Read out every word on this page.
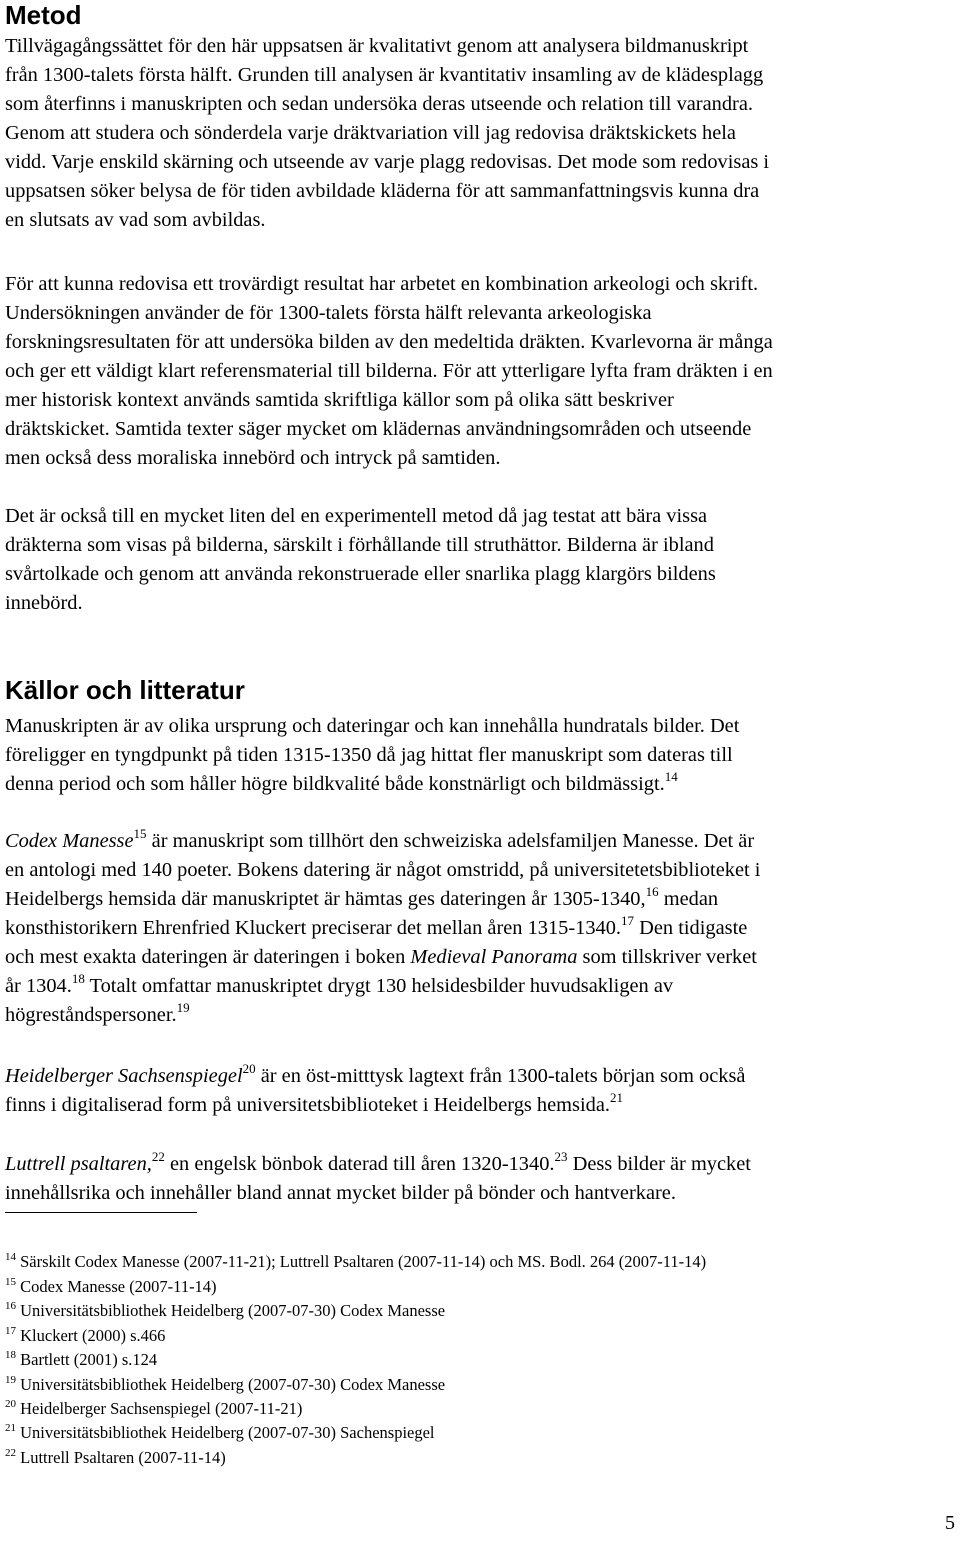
Metod
Tillvägagångssättet för den här uppsatsen är kvalitativt genom att analysera bildmanuskript
från 1300-talets första hälft. Grunden till analysen är kvantitativ insamling av de klädesplagg
som återfinns i manuskripten och sedan undersöka deras utseende och relation till varandra.
Genom att studera och sönderdela varje dräktvariation vill jag redovisa dräktskickets hela
vidd. Varje enskild skärning och utseende av varje plagg redovisas. Det mode som redovisas i
uppsatsen söker belysa de för tiden avbildade kläderna för att sammanfattningsvis kunna dra
en slutsats av vad som avbildas.
För att kunna redovisa ett trovärdigt resultat har arbetet en kombination arkeologi och skrift.
Undersökningen använder de för 1300-talets första hälft relevanta arkeologiska
forskningsresultaten för att undersöka bilden av den medeltida dräkten. Kvarlevorna är många
och ger ett väldigt klart referensmaterial till bilderna. För att ytterligare lyfta fram dräkten i en
mer historisk kontext används samtida skriftliga källor som på olika sätt beskriver
dräktskicket. Samtida texter säger mycket om klädernas användningsområden och utseende
men också dess moraliska innebörd och intryck på samtiden.
Det är också till en mycket liten del en experimentell metod då jag testat att bära vissa
dräkterna som visas på bilderna, särskilt i förhållande till struthättor. Bilderna är ibland
svårtolkade och genom att använda rekonstruerade eller snarlika plagg klargörs bildens
innebörd.
Källor och litteratur
Manuskripten är av olika ursprung och dateringar och kan innehålla hundratals bilder. Det
föreligger en tyngdpunkt på tiden 1315-1350 då jag hittat fler manuskript som dateras till
denna period och som håller högre bildkvalité både konstnärligt och bildmässigt.$^{14}$
Codex Manesse$^{15}$ är manuskript som tillhört den schweiziska adelsfamiljen Manesse. Det är
en antologi med 140 poeter. Bokens datering är något omstridd, på universitetetsbiblioteket i
Heidelbergs hemsida där manuskriptet är hämtas ges dateringen år 1305-1340,16 medan
konsthistorikern Ehrenfried Kluckert preciserar det mellan åren 1315-1340.17 Den tidigaste
och mest exakta dateringen är dateringen i boken Medieval Panorama som tillskriver verket
år 1304.18 Totalt omfattar manuskriptet drygt 130 helsidesbilder huvudsakligen av
högreståndspersoner.$^{19}$
Heidelberger Sachsenspiegel$^{20}$ är en öst-mitttysk lagtext från 1300-talets början som också
finns i digitaliserad form på universitetsbiblioteket i Heidelbergs hemsida.$^{21}$
Luttrell psaltaren,$^{22}$ en engelsk bönbok daterad till åren 1320-1340.23 Dess bilder är mycket
innehållsrika och innehåller bland annat mycket bilder på bönder och hantverkare.
$^{14}$ Särskilt Codex Manesse (2007-11-21); Luttrell Psaltaren (2007-11-14) och MS. Bodl. 264 (2007-11-14)
$^{15}$ Codex Manesse (2007-11-14)
$^{16}$ Universitätsbibliothek Heidelberg (2007-07-30) Codex Manesse
$^{17}$ Kluckert (2000) s.466
$^{18}$ Bartlett (2001) s.124
$^{19}$ Universitätsbibliothek Heidelberg (2007-07-30) Codex Manesse
$^{20}$ Heidelberger Sachsenspiegel (2007-11-21)
$^{21}$ Universitätsbibliothek Heidelberg (2007-07-30) Sachenspiegel
$^{22}$ Luttrell Psaltaren (2007-11-14)
5
